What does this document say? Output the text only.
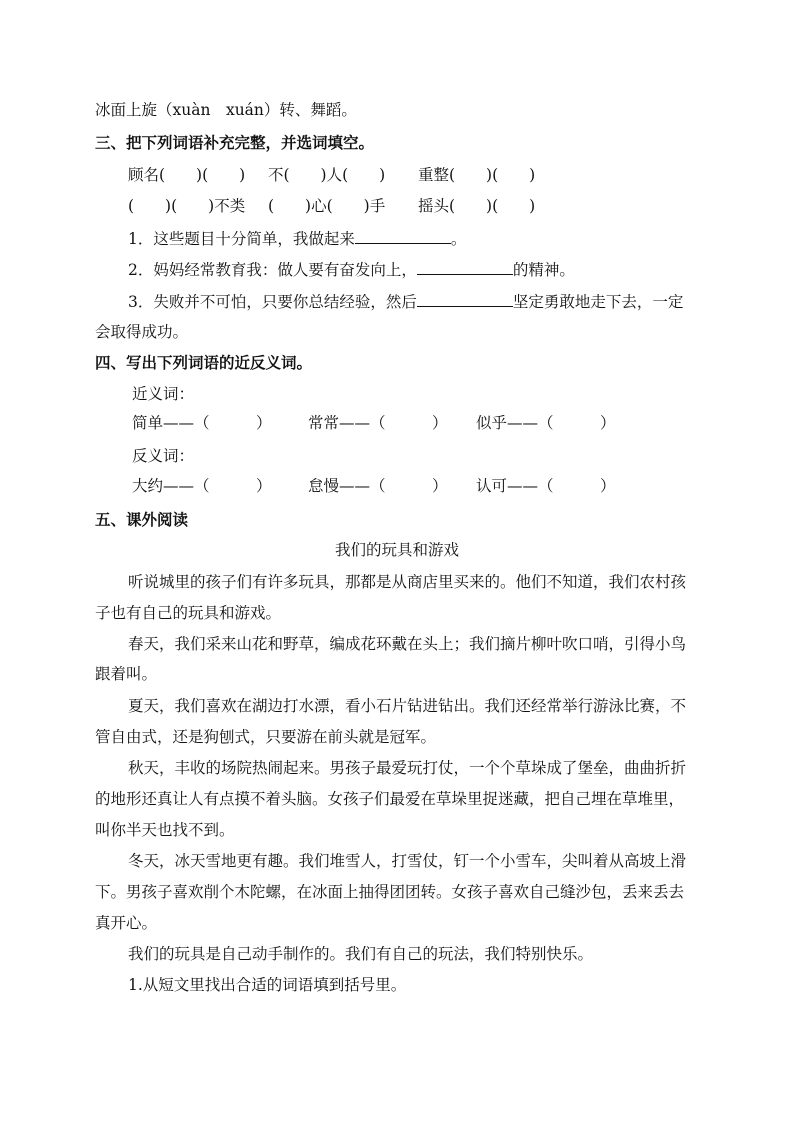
冰面上旋（xuàn　xuán）转、舞蹈。
三、把下列词语补充完整，并选词填空。
顾名(　　)(　　) 不(　　)人(　　) 重整(　　)(　　)
(　　)(　　)不类 (　　)心(　　)手 摇头(　　)(　　)
1．这些题目十分简单，我做起来	。
2．妈妈经常教育我：做人要有奋发向上，	的精神。
3．失败并不可怕，只要你总结经验，然后	坚定勇敢地走下去，一定
会取得成功。
四、写出下列词语的近反义词。
近义词：
简单——（　　　） 常常——（　　　） 似乎——（　　　）
反义词：
大约——（　　　） 怠慢——（　　　） 认可——（　　　）
五、课外阅读
我们的玩具和游戏
听说城里的孩子们有许多玩具，那都是从商店里买来的。他们不知道，我们农村孩
子也有自己的玩具和游戏。
春天，我们采来山花和野草，编成花环戴在头上；我们摘片柳叶吹口哨，引得小鸟
跟着叫。
夏天，我们喜欢在湖边打水漂，看小石片钻进钻出。我们还经常举行游泳比赛，不
管自由式，还是狗刨式，只要游在前头就是冠军。
秋天，丰收的场院热闹起来。男孩子最爱玩打仗，一个个草垛成了堡垒，曲曲折折
的地形还真让人有点摸不着头脑。女孩子们最爱在草垛里捉迷藏，把自己埋在草堆里，
叫你半天也找不到。
冬天，冰天雪地更有趣。我们堆雪人，打雪仗，钉一个小雪车，尖叫着从高坡上滑
下。男孩子喜欢削个木陀螺，在冰面上抽得团团转。女孩子喜欢自己缝沙包，丢来丢去
真开心。
我们的玩具是自己动手制作的。我们有自己的玩法，我们特别快乐。
1.从短文里找出合适的词语填到括号里。
